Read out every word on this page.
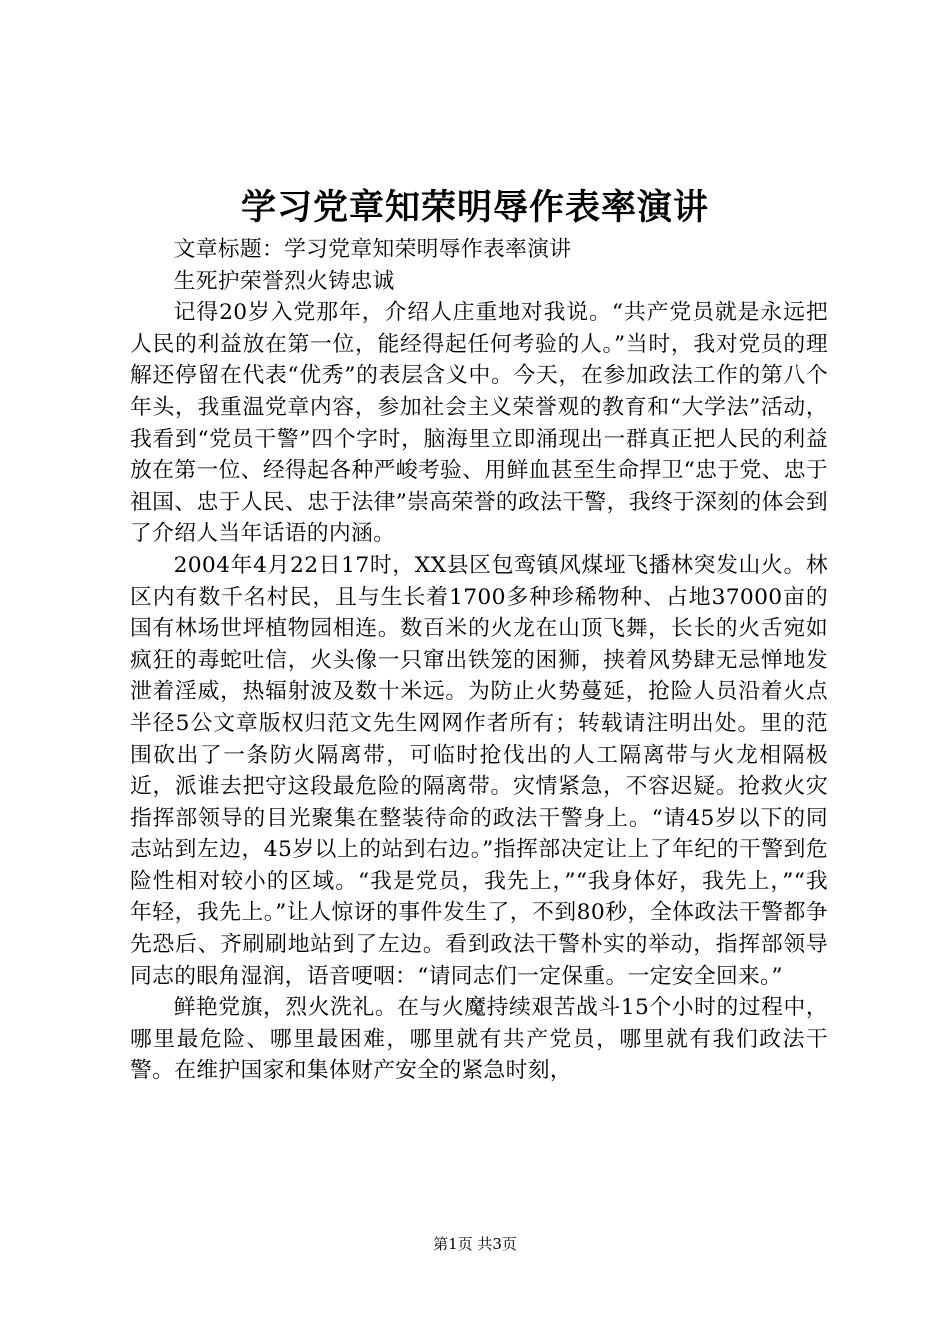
学习党章知荣明辱作表率演讲

文章标题：学习党章知荣明辱作表率演讲

生死护荣誉烈火铸忠诚

记得20岁入党那年，介绍人庄重地对我说。“共产党员就是永远把人民的利益放在第一位，能经得起任何考验的人。”当时，我对党员的理解还停留在代表“优秀”的表层含义中。今天，在参加政法工作的第八个年头，我重温党章内容，参加社会主义荣誉观的教育和“大学法”活动，我看到“党员干警”四个字时，脑海里立即涌现出一群真正把人民的利益放在第一位、经得起各种严峻考验、用鲜血甚至生命捍卫“忠于党、忠于祖国、忠于人民、忠于法律”崇高荣誉的政法干警，我终于深刻的体会到了介绍人当年话语的内涵。

2004年4月22日17时，XX县区包鸾镇风煤垭飞播林突发山火。林区内有数千名村民，且与生长着1700多种珍稀物种、占地37000亩的国有林场世坪植物园相连。数百米的火龙在山顶飞舞，长长的火舌宛如疯狂的毒蛇吐信，火头像一只窜出铁笼的困狮，挟着风势肆无忌惮地发泄着淫威，热辐射波及数十米远。为防止火势蔓延，抢险人员沿着火点半径5公文章版权归范文先生网网作者所有；转载请注明出处。里的范围砍出了一条防火隔离带，可临时抢伐出的人工隔离带与火龙相隔极近，派谁去把守这段最危险的隔离带。灾情紧急，不容迟疑。抢救火灾指挥部领导的目光聚集在整装待命的政法干警身上。“请45岁以下的同志站到左边，45岁以上的站到右边。”指挥部决定让上了年纪的干警到危险性相对较小的区域。“我是党员，我先上，”“我身体好，我先上，”“我年轻，我先上。”让人惊讶的事件发生了，不到80秒，全体政法干警都争先恐后、齐刷刷地站到了左边。看到政法干警朴实的举动，指挥部领导同志的眼角湿润，语音哽咽：“请同志们一定保重。一定安全回来。”

鲜艳党旗，烈火洗礼。在与火魔持续艰苦战斗15个小时的过程中，哪里最危险、哪里最困难，哪里就有共产党员，哪里就有我们政法干警。在维护国家和集体财产安全的紧急时刻，

第1页 共3页
